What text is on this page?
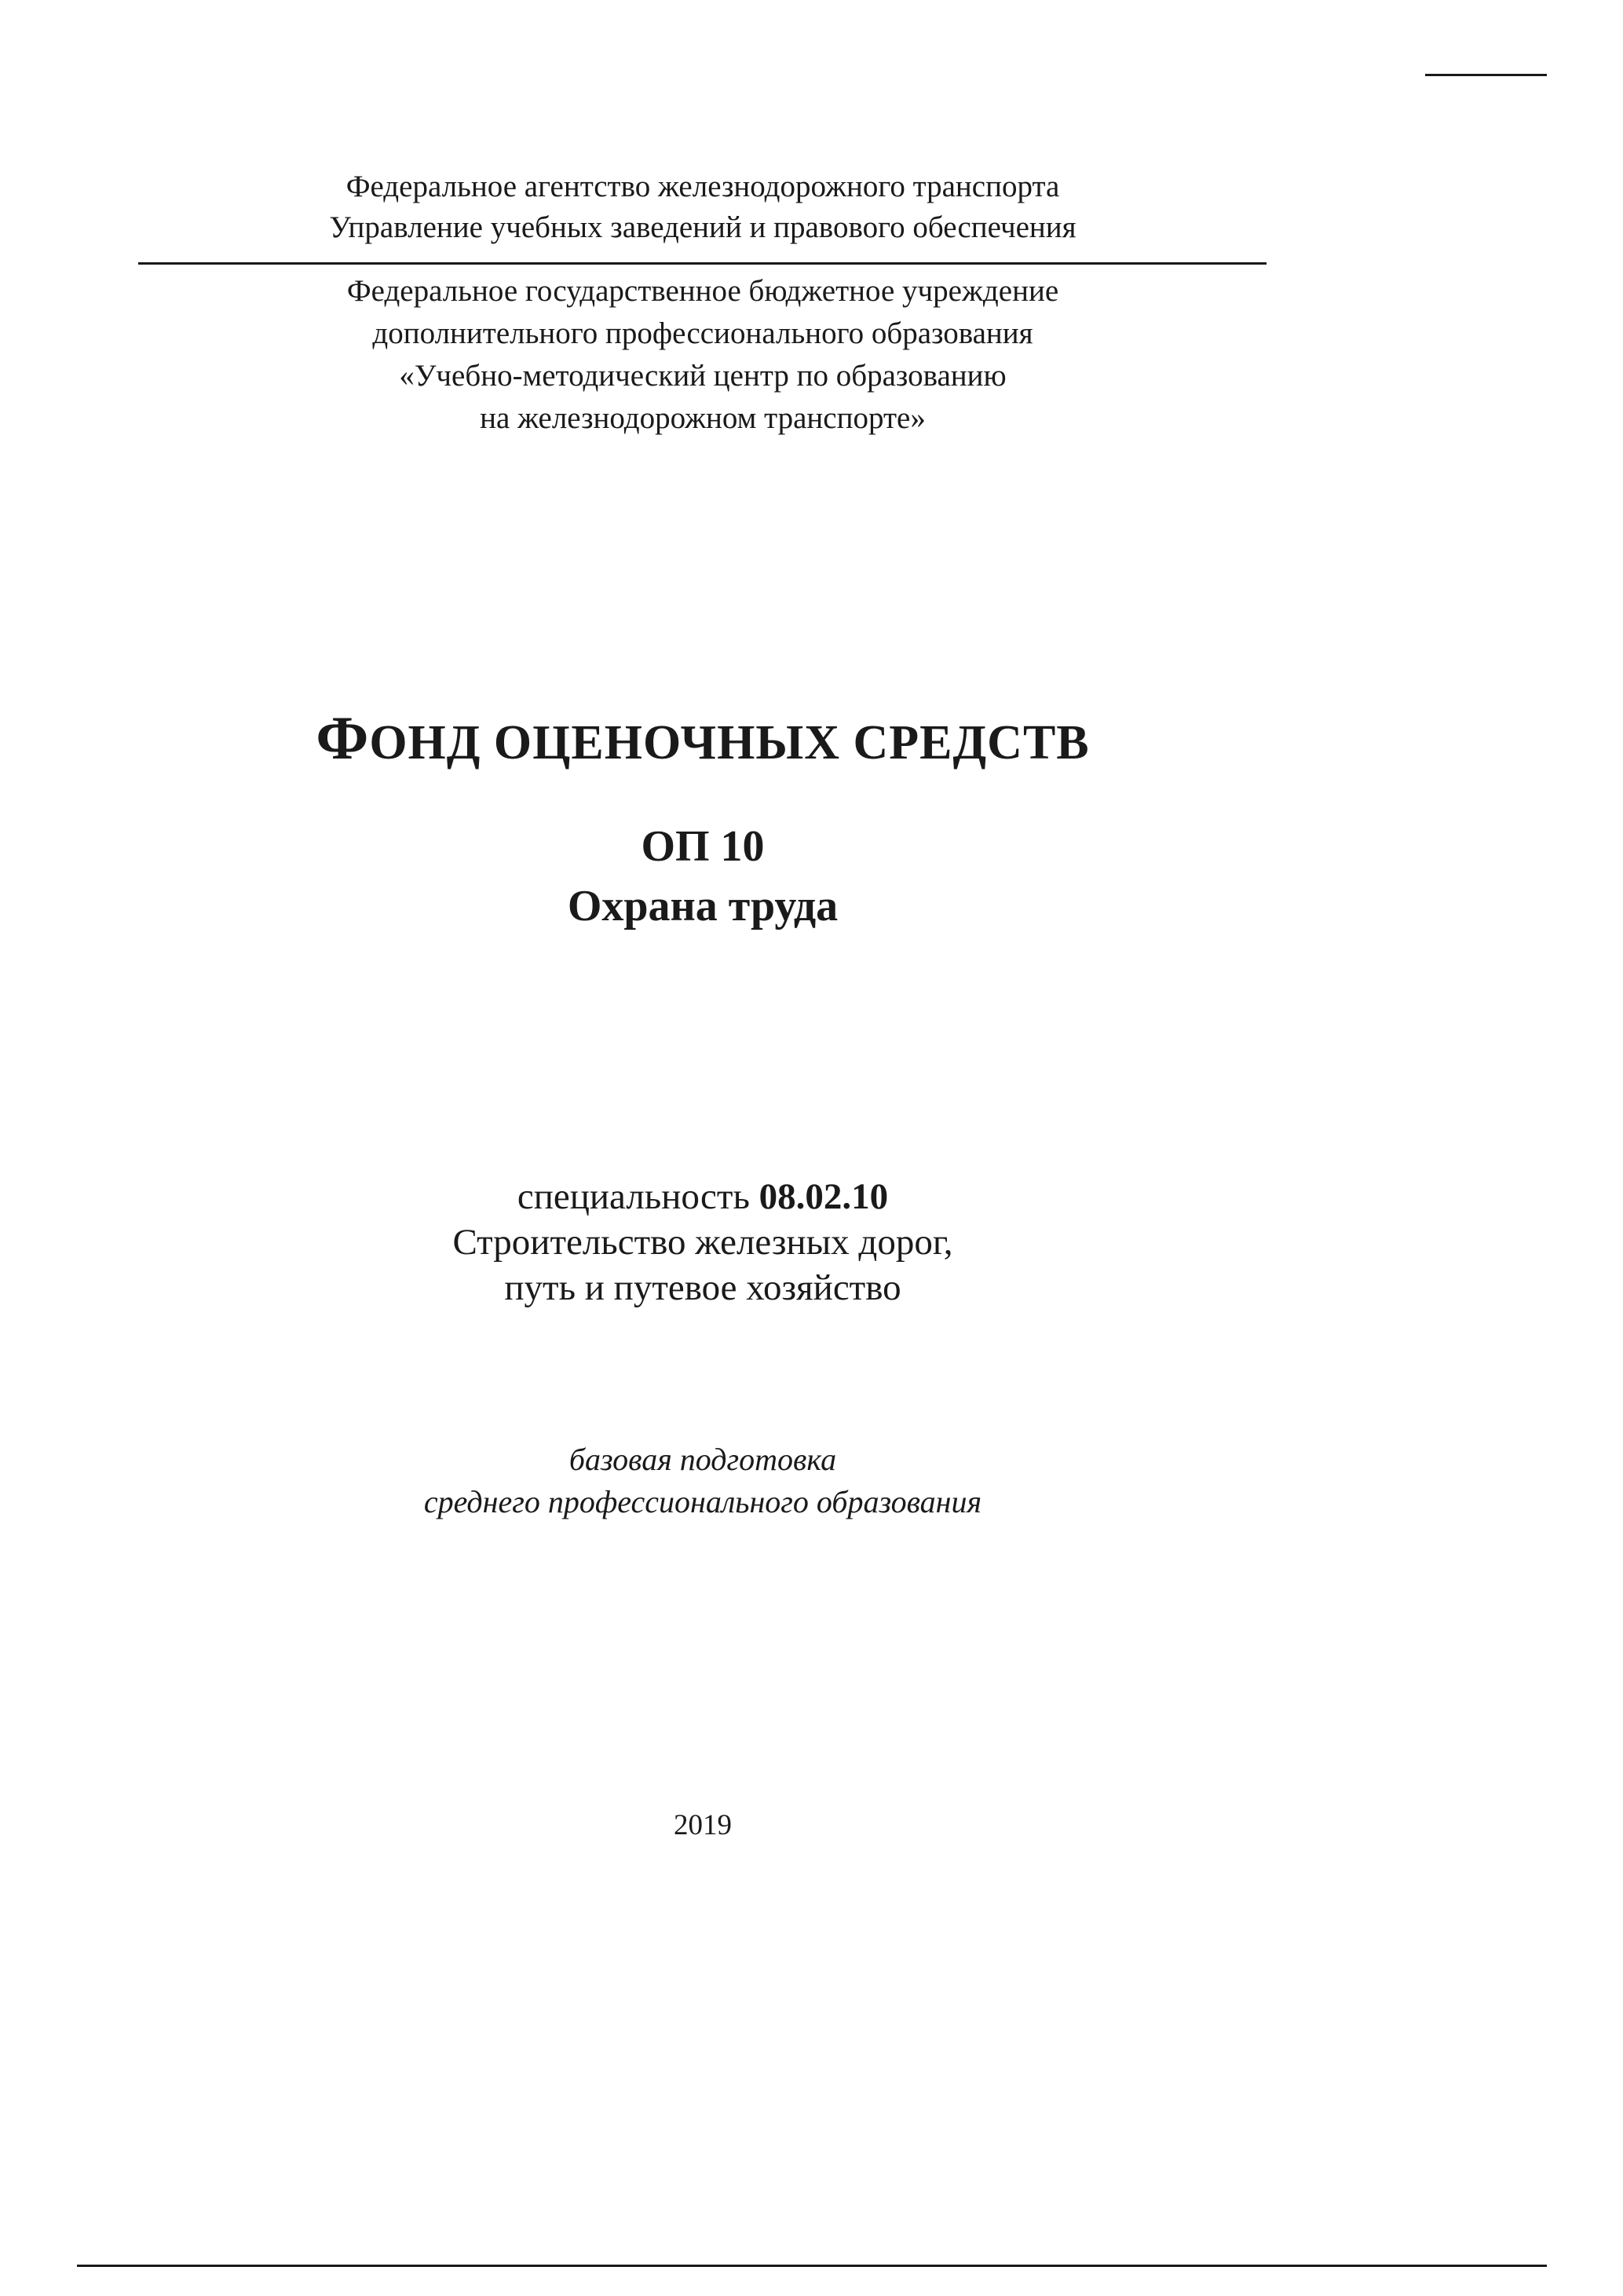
Федеральное агентство железнодорожного транспорта
Управление учебных заведений и правового обеспечения
Федеральное государственное бюджетное учреждение
дополнительного профессионального образования
«Учебно-методический центр по образованию
на железнодорожном транспорте»
ФОНД ОЦЕНОЧНЫХ СРЕДСТВ
ОП 10
Охрана труда
специальность 08.02.10
Строительство железных дорог,
путь и путевое хозяйство
базовая подготовка
среднего профессионального образования
2019
